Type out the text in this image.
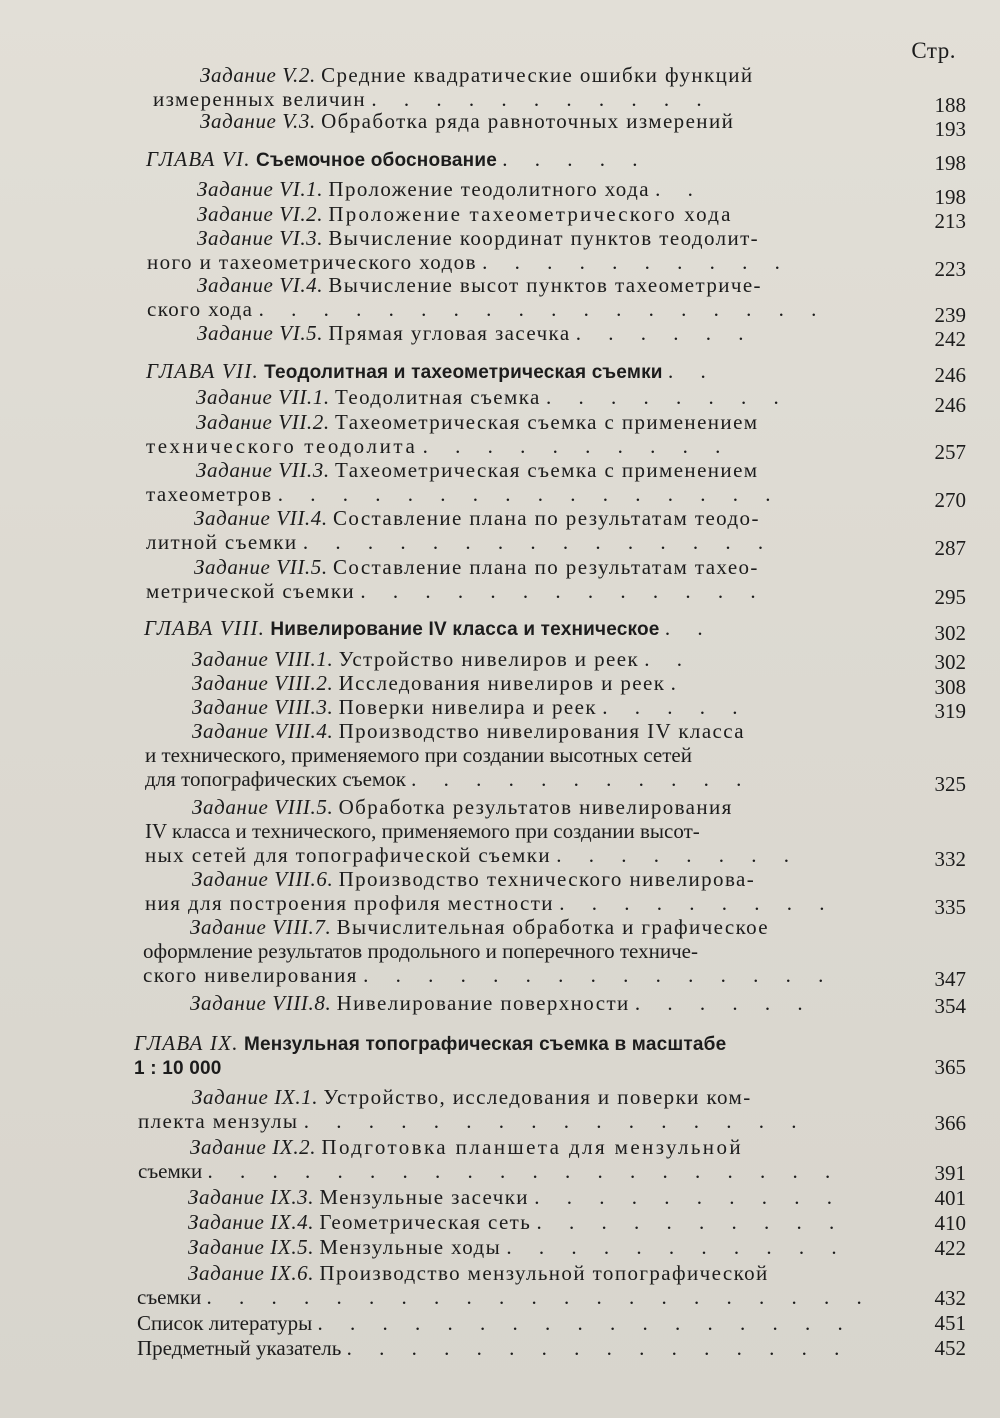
Стр.
Задание V.2. Средние квадратические ошибки функций
измеренных величин . . . . . . . . . . .	188
Задание V.3. Обработка ряда равноточных измерений	193
ГЛАВА VI. Съемочное обоснование . . . . .	198
Задание VI.1. Проложение теодолитного хода . .	198
Задание VI.2. Проложение тахеометрического хода	213
Задание VI.3. Вычисление координат пунктов теодолит-
ного и тахеометрического ходов . . . . . . . . . .	223
Задание VI.4. Вычисление высот пунктов тахеометриче-
ского хода . . . . . . . . . . . . . . . . . .	239
Задание VI.5. Прямая угловая засечка . . . . . .	242
ГЛАВА VII. Теодолитная и тахеометрическая съемки . .	246
Задание VII.1. Теодолитная съемка . . . . . . . .	246
Задание VII.2. Тахеометрическая съемка с применением
технического теодолита . . . . . . . . . .	257
Задание VII.3. Тахеометрическая съемка с применением
тахеометров . . . . . . . . . . . . . . . .	270
Задание VII.4. Составление плана по результатам теодо-
литной съемки . . . . . . . . . . . . . . .	287
Задание VII.5. Составление плана по результатам тахео-
метрической съемки . . . . . . . . . . . . .	295
ГЛАВА VIII. Нивелирование IV класса и техническое . .	302
Задание VIII.1. Устройство нивелиров и реек . .	302
Задание VIII.2. Исследования нивелиров и реек .	308
Задание VIII.3. Поверки нивелира и реек . . . . .	319
Задание VIII.4. Производство нивелирования IV класса
и технического, применяемого при создании высотных сетей
для топографических съемок . . . . . . . . . . .	325
Задание VIII.5. Обработка результатов нивелирования
IV класса и технического, применяемого при создании высот-
ных сетей для топографической съемки . . . . . . . .	332
Задание VIII.6. Производство технического нивелирова-
ния для построения профиля местности . . . . . . . . .	335
Задание VIII.7. Вычислительная обработка и графическое
оформление результатов продольного и поперечного техниче-
ского нивелирования . . . . . . . . . . . . . . .	347
Задание VIII.8. Нивелирование поверхности . . . . . .	354
ГЛАВА IX. Мензульная топографическая съемка в масштабе
1 : 10 000	365
Задание IX.1. Устройство, исследования и поверки ком-
плекта мензулы . . . . . . . . . . . . . . . .	366
Задание IX.2. Подготовка планшета для мензульной
съемки . . . . . . . . . . . . . . . . . . . .	391
Задание IX.3. Мензульные засечки . . . . . . . . . .	401
Задание IX.4. Геометрическая сеть . . . . . . . . . .	410
Задание IX.5. Мензульные ходы . . . . . . . . . . .	422
Задание IX.6. Производство мензульной топографической
съемки . . . . . . . . . . . . . . . . . . . . .	432
Список литературы . . . . . . . . . . . . . . . . .	451
Предметный указатель . . . . . . . . . . . . . . . .	452
